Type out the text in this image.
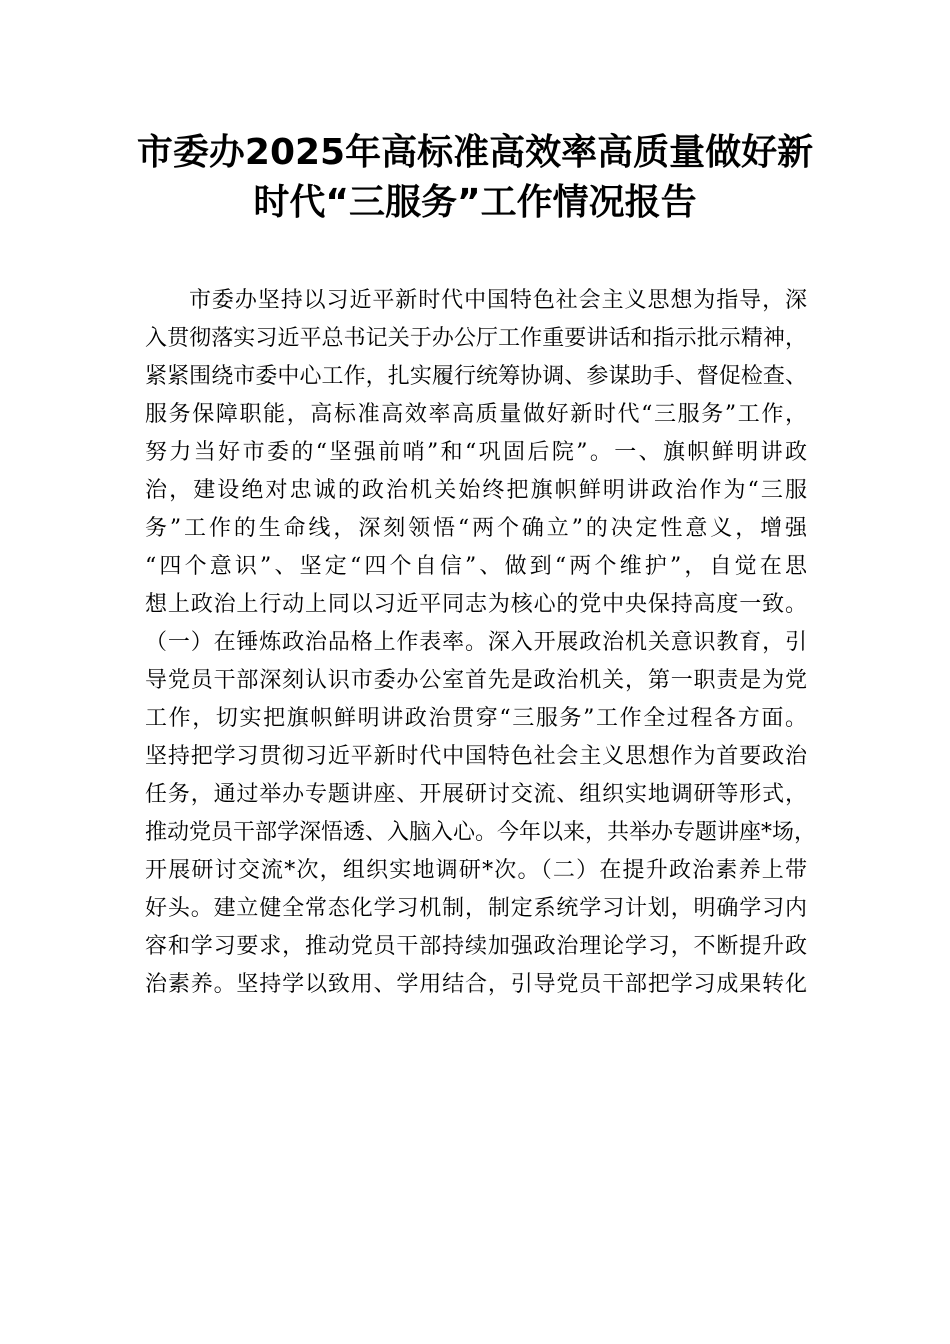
市委办2025年高标准高效率高质量做好新
时代“三服务”工作情况报告
市委办坚持以习近平新时代中国特色社会主义思想为指导，深
入贯彻落实习近平总书记关于办公厅工作重要讲话和指示批示精神，
紧紧围绕市委中心工作，扎实履行统筹协调、参谋助手、督促检查、
服务保障职能，高标准高效率高质量做好新时代“三服务”工作，
努力当好市委的“坚强前哨”和“巩固后院”。一、旗帜鲜明讲政
治，建设绝对忠诚的政治机关始终把旗帜鲜明讲政治作为“三服
务”工作的生命线，深刻领悟“两个确立”的决定性意义，增强
“四个意识”、坚定“四个自信”、做到“两个维护”，自觉在思
想上政治上行动上同以习近平同志为核心的党中央保持高度一致。
（一）在锤炼政治品格上作表率。深入开展政治机关意识教育，引
导党员干部深刻认识市委办公室首先是政治机关，第一职责是为党
工作，切实把旗帜鲜明讲政治贯穿“三服务”工作全过程各方面。
坚持把学习贯彻习近平新时代中国特色社会主义思想作为首要政治
任务，通过举办专题讲座、开展研讨交流、组织实地调研等形式，
推动党员干部学深悟透、入脑入心。今年以来，共举办专题讲座*场，
开展研讨交流*次，组织实地调研*次。（二）在提升政治素养上带
好头。建立健全常态化学习机制，制定系统学习计划，明确学习内
容和学习要求，推动党员干部持续加强政治理论学习，不断提升政
治素养。坚持学以致用、学用结合，引导党员干部把学习成果转化
